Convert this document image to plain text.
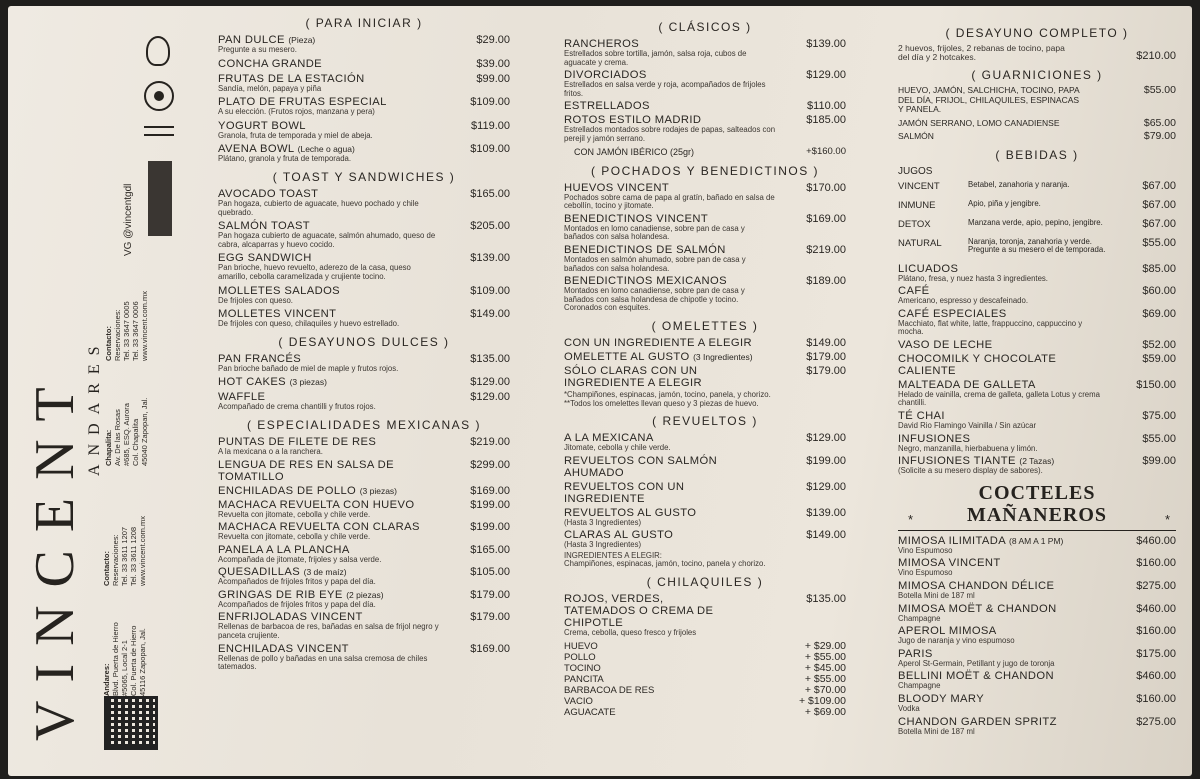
VINCENT ANDARES
Andares: Blvd. Puerta de Hierro #5065, Local 2-1 Col. Puerta de Hierro 45116 Zapopan, Jal.
Contacto: Reservaciones: Tel. 33 3611 1207 Tel. 33 3611 1208 www.vincent.com.mx
Chapalita: Av. De las Rosas #685, ESQ. Aurora Col. Chapalita 45040 Zapopan, Jal.
Contacto: Reservaciones: Tel. 33 3647 0005 Tel. 33 3647 0006 www.vincent.com.mx
VG @vincentgdl
( PARA INICIAR )
PAN DULCE (Pieza)	$29.00
Pregunte a su mesero.
CONCHA GRANDE	$39.00
FRUTAS DE LA ESTACIÓN	$99.00
Sandía, melón, papaya y piña
PLATO DE FRUTAS ESPECIAL	$109.00
A su elección. (Frutos rojos, manzana y pera)
YOGURT BOWL	$119.00
Granola, fruta de temporada y miel de abeja.
AVENA BOWL (Leche o agua)	$109.00
Plátano, granola y fruta de temporada.
( TOAST Y SANDWICHES )
AVOCADO TOAST	$165.00
Pan hogaza, cubierto de aguacate, huevo pochado y chile quebrado.
SALMÓN TOAST	$205.00
Pan hogaza cubierto de aguacate, salmón ahumado, queso de cabra, alcaparras y huevo cocido.
EGG SANDWICH	$139.00
Pan brioche, huevo revuelto, aderezo de la casa, queso amarillo, cebolla caramelizada y crujiente tocino.
MOLLETES SALADOS	$109.00
De frijoles con queso.
MOLLETES VINCENT	$149.00
De frijoles con queso, chilaquiles y huevo estrellado.
( DESAYUNOS DULCES )
PAN FRANCÉS	$135.00
Pan brioche bañado de miel de maple y frutos rojos.
HOT CAKES (3 piezas)	$129.00
WAFFLE	$129.00
Acompañado de crema chantilli y frutos rojos.
( ESPECIALIDADES MEXICANAS )
PUNTAS DE FILETE DE RES	$219.00
A la mexicana o a la ranchera.
LENGUA DE RES EN SALSA DE TOMATILLO
$299.00
ENCHILADAS DE POLLO (3 piezas)	$169.00
MACHACA REVUELTA CON HUEVO	$199.00
Revuelta con jitomate, cebolla y chile verde.
MACHACA REVUELTA CON CLARAS	$199.00
Revuelta con jitomate, cebolla y chile verde.
PANELA A LA PLANCHA	$165.00
Acompañada de jitomate, frijoles y salsa verde.
QUESADILLAS (3 de maíz)	$105.00
Acompañados de frijoles fritos y papa del día.
GRINGAS DE RIB EYE (2 piezas)	$179.00
Acompañados de frijoles fritos y papa del día.
ENFRIJOLADAS VINCENT	$179.00
Rellenas de barbacoa de res, bañadas en salsa de frijol negro y panceta crujiente.
ENCHILADAS VINCENT	$169.00
Rellenas de pollo y bañadas en una salsa cremosa de chiles tatemados.
( CLÁSICOS )
RANCHEROS	$139.00
Estrellados sobre tortilla, jamón, salsa roja, cubos de aguacate y crema.
DIVORCIADOS	$129.00
Estrellados en salsa verde y roja, acompañados de frijoles fritos.
ESTRELLADOS	$110.00
ROTOS ESTILO MADRID	$185.00
Estrellados montados sobre rodajes de papas, salteados con perejil y jamón serrano.
CON JAMÓN IBÉRICO (25gr)	+$160.00
( POCHADOS Y BENEDICTINOS )
HUEVOS VINCENT	$170.00
Pochados sobre cama de papa al gratín, bañado en salsa de cebollín, tocino y jitomate.
BENEDICTINOS VINCENT	$169.00
Montados en lomo canadiense, sobre pan de casa y bañados con salsa holandesa.
BENEDICTINOS DE SALMÓN	$219.00
Montados en salmón ahumado, sobre pan de casa y bañados con salsa holandesa.
BENEDICTINOS MEXICANOS	$189.00
Montados en lomo canadiense, sobre pan de casa y bañados con salsa holandesa de chipotle y tocino. Coronados con esquites.
( OMELETTES )
CON UN INGREDIENTE A ELEGIR	$149.00
OMELETTE AL GUSTO (3 Ingredientes)	$179.00
SÓLO CLARAS CON UN INGREDIENTE A ELEGIR
$179.00
*Champiñones, espinacas, jamón, tocino, panela, y chorizo.
**Todos los omelettes llevan queso y 3 piezas de huevo.
( REVUELTOS )
A LA MEXICANA	$129.00
Jitomate, cebolla y chile verde.
REVUELTOS CON SALMÓN AHUMADO
$199.00
REVUELTOS CON UN INGREDIENTE
$129.00
REVUELTOS AL GUSTO	$139.00
(Hasta 3 Ingredientes)
CLARAS AL GUSTO	$149.00
(Hasta 3 Ingredientes)
INGREDIENTES A ELEGIR:
Champiñones, espinacas, jamón, tocino, panela y chorizo.
( CHILAQUILES )
ROJOS, VERDES, TATEMADOS O CREMA DE CHIPOTLE
$135.00
Crema, cebolla, queso fresco y frijoles
HUEVO	+ $29.00
POLLO	+ $55.00
TOCINO	+ $45.00
PANCITA	+ $55.00
BARBACOA DE RES	+ $70.00
VACIO	+ $109.00
AGUACATE	+ $69.00
( DESAYUNO COMPLETO )
2 huevos, frijoles, 2 rebanas de tocino, papa del día y 2 hotcakes.	$210.00
( GUARNICIONES )
HUEVO, JAMÓN, SALCHICHA, TOCINO, PAPA DEL DÍA, FRIJOL, CHILAQUILES, ESPINACAS Y PANELA.
$55.00
JAMÓN SERRANO, LOMO CANADIENSE	$65.00
SALMÓN	$79.00
( BEBIDAS )
JUGOS
VINCENT	Betabel, zanahoria y naranja.	$67.00
INMUNE	Apio, piña y jengibre.	$67.00
DETOX	Manzana verde, apio, pepino, jengibre.	$67.00
NATURAL	Naranja, toronja, zanahoria y verde. Pregunte a su mesero el de temporada.
$55.00
LICUADOS	$85.00
Plátano, fresa, y nuez hasta 3 ingredientes.
CAFÉ	$60.00
Americano, espresso y descafeinado.
CAFÉ ESPECIALES	$69.00
Macchiato, flat white, latte, frappuccino, cappuccino y mocha.
VASO DE LECHE	$52.00
CHOCOMILK Y CHOCOLATE CALIENTE
$59.00
MALTEADA DE GALLETA	$150.00
Helado de vainilla, crema de galleta, galleta Lotus y crema chantilli.
TÉ CHAI	$75.00
David Rio Flamingo Vainilla / Sin azúcar
INFUSIONES	$55.00
Negro, manzanilla, hierbabuena y limón.
INFUSIONES TIANTE (2 Tazas)	$99.00
(Solicite a su mesero display de sabores).
COCTELES
MAÑANEROS
*	*
MIMOSA ILIMITADA (8 AM A 1 PM)	$460.00
Vino Espumoso
MIMOSA VINCENT	$160.00
Vino Espumoso
MIMOSA CHANDON DÉLICE	$275.00
Botella Mini de 187 ml
MIMOSA MOËT & CHANDON	$460.00
Champagne
APEROL MIMOSA	$160.00
Jugo de naranja y vino espumoso
PARIS	$175.00
Aperol St-Germain, Petillant y jugo de toronja
BELLINI MOËT & CHANDON	$460.00
Champagne
BLOODY MARY	$160.00
Vodka
CHANDON GARDEN SPRITZ	$275.00
Botella Mini de 187 ml
